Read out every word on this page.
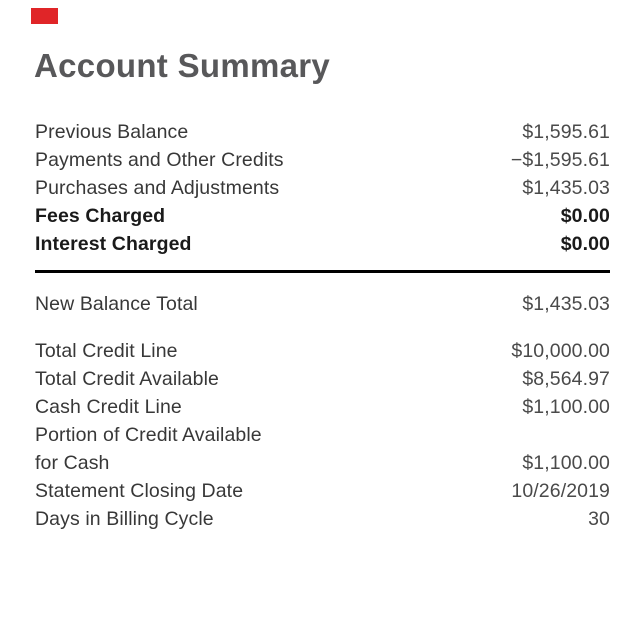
Account Summary
Previous Balance	$1,595.61
Payments and Other Credits	−$1,595.61
Purchases and Adjustments	$1,435.03
Fees Charged	$0.00
Interest Charged	$0.00
New Balance Total	$1,435.03
Total Credit Line	$10,000.00
Total Credit Available	$8,564.97
Cash Credit Line	$1,100.00
Portion of Credit Available
for Cash	$1,100.00
Statement Closing Date	10/26/2019
Days in Billing Cycle	30
